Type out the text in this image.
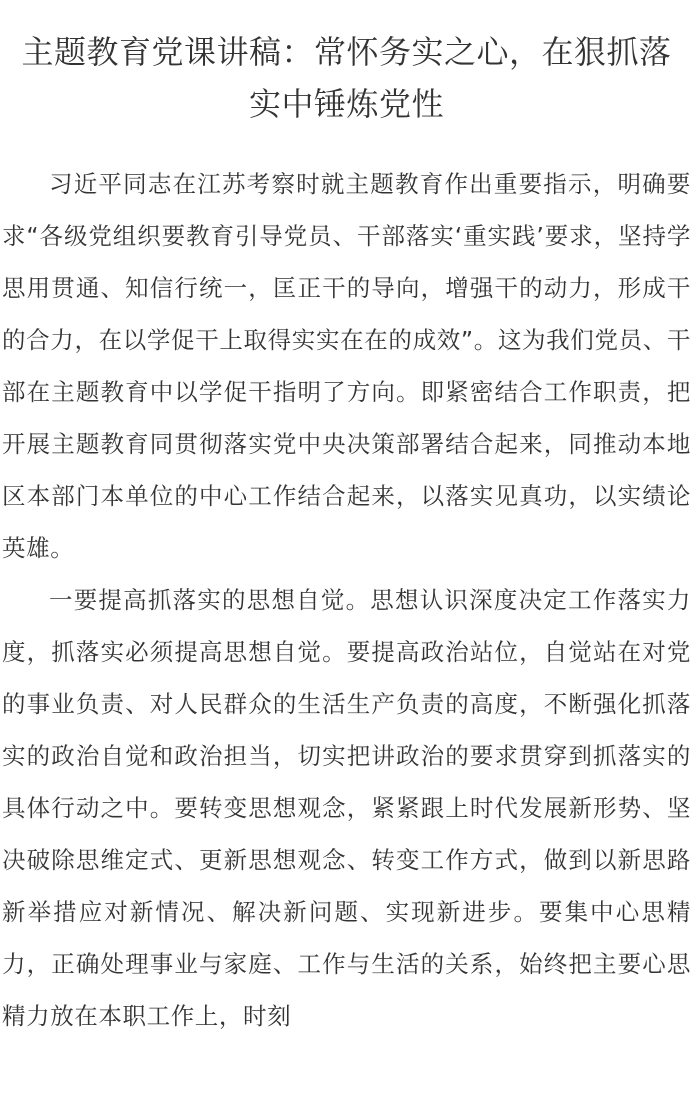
主题教育党课讲稿：常怀务实之心，在狠抓落实中锤炼党性

习近平同志在江苏考察时就主题教育作出重要指示，明确要求“各级党组织要教育引导党员、干部落实‘重实践’要求，坚持学思用贯通、知信行统一，匡正干的导向，增强干的动力，形成干的合力，在以学促干上取得实实在在的成效”。这为我们党员、干部在主题教育中以学促干指明了方向。即紧密结合工作职责，把开展主题教育同贯彻落实党中央决策部署结合起来，同推动本地区本部门本单位的中心工作结合起来，以落实见真功，以实绩论英雄。

一要提高抓落实的思想自觉。思想认识深度决定工作落实力度，抓落实必须提高思想自觉。要提高政治站位，自觉站在对党的事业负责、对人民群众的生活生产负责的高度，不断强化抓落实的政治自觉和政治担当，切实把讲政治的要求贯穿到抓落实的具体行动之中。要转变思想观念，紧紧跟上时代发展新形势、坚决破除思维定式、更新思想观念、转变工作方式，做到以新思路新举措应对新情况、解决新问题、实现新进步。要集中心思精力，正确处理事业与家庭、工作与生活的关系，始终把主要心思精力放在本职工作上，时刻
